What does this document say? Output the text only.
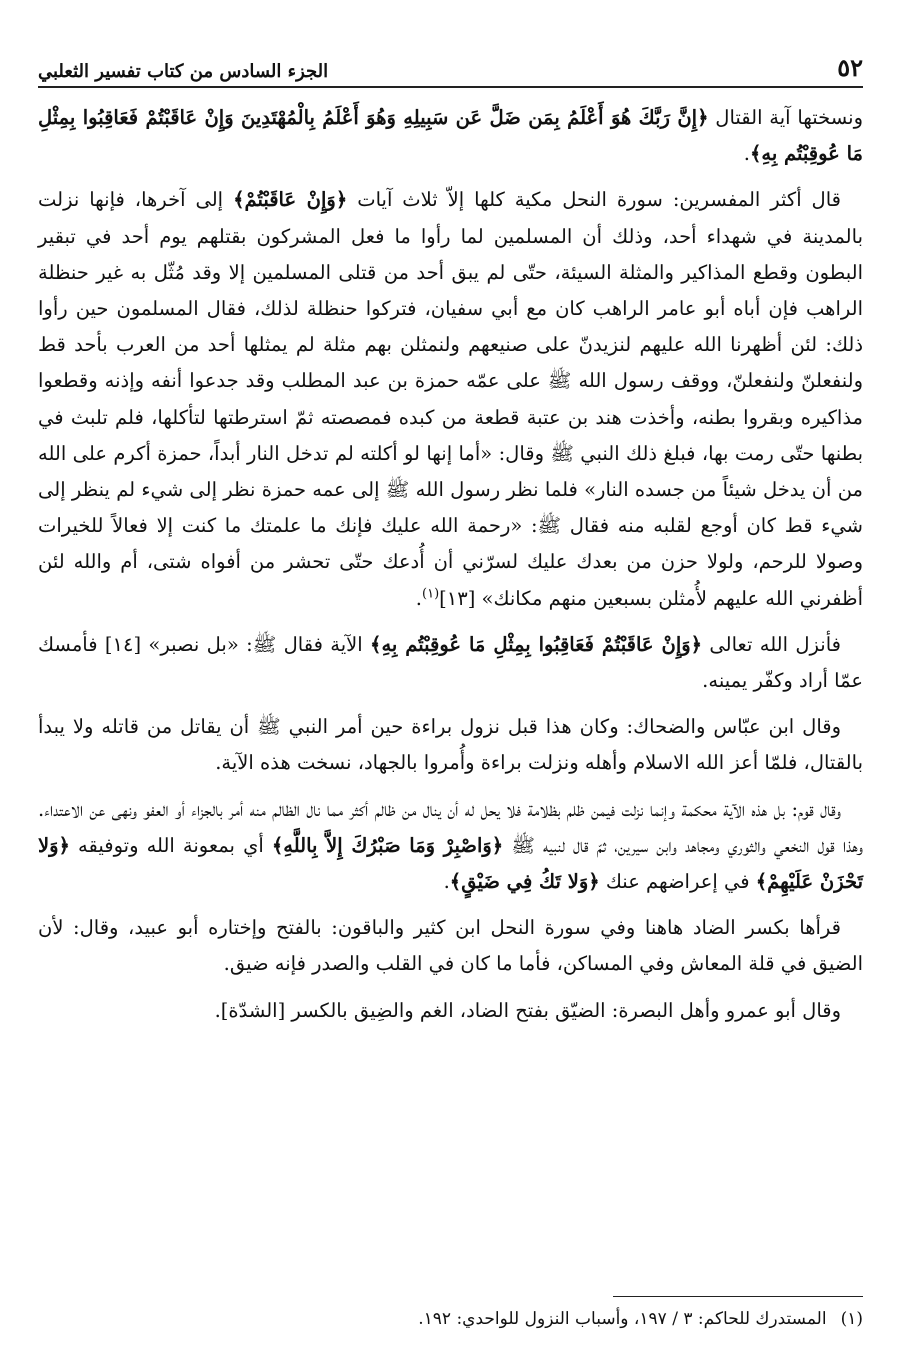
٥٢
الجزء السادس من كتاب تفسير الثعلبي

ونسختها آية القتال ﴿إِنَّ رَبَّكَ هُوَ أَعْلَمُ بِمَن ضَلَّ عَن سَبِيلِهِ وَهُوَ أَعْلَمُ بِالْمُهْتَدِينَ وَإِنْ عَاقَبْتُمْ فَعَاقِبُوا بِمِثْلِ مَا عُوقِبْتُم بِهِ﴾.

قال أكثر المفسرين: سورة النحل مكية كلها إلاّ ثلاث آيات ﴿وَإِنْ عَاقَبْتُمْ﴾ إلى آخرها، فإنها نزلت بالمدينة في شهداء أحد، وذلك أن المسلمين لما رأوا ما فعل المشركون بقتلهم يوم أحد في تبقير البطون وقطع المذاكير والمثلة السيئة، حتّى لم يبق أحد من قتلى المسلمين إلا وقد مُثّل به غير حنظلة الراهب فإن أباه أبو عامر الراهب كان مع أبي سفيان، فتركوا حنظلة لذلك، فقال المسلمون حين رأوا ذلك: لئن أظهرنا الله عليهم لنزيدنّ على صنيعهم ولنمثلن بهم مثلة لم يمثلها أحد من العرب بأحد قط ولنفعلنّ ولنفعلنّ، ووقف رسول الله ﷺ على عمّه حمزة بن عبد المطلب وقد جدعوا أنفه وإذنه وقطعوا مذاكيره وبقروا بطنه، وأخذت هند بن عتبة قطعة من كبده فمصصته ثمّ استرطتها لتأكلها، فلم تلبث في بطنها حتّى رمت بها، فبلغ ذلك النبي ﷺ وقال: «أما إنها لو أكلته لم تدخل النار أبداً، حمزة أكرم على الله من أن يدخل شيئاً من جسده النار» فلما نظر رسول الله ﷺ إلى عمه حمزة نظر إلى شيء لم ينظر إلى شيء قط كان أوجع لقلبه منه فقال ﷺ: «رحمة الله عليك فإنك ما علمتك ما كنت إلا فعالاً للخيرات وصولا للرحم، ولولا حزن من بعدك عليك لسرّني أن أُدعك حتّى تحشر من أفواه شتى، أم والله لئن أظفرني الله عليهم لأُمثلن بسبعين منهم مكانك» [١٣]$^{(١)}$.

فأنزل الله تعالى ﴿وَإِنْ عَاقَبْتُمْ فَعَاقِبُوا بِمِثْلِ مَا عُوقِبْتُم بِهِ﴾ الآية فقال ﷺ: «بل نصبر» [١٤] فأمسك عمّا أراد وكفّر يمينه.

وقال ابن عبّاس والضحاك: وكان هذا قبل نزول براءة حين أمر النبي ﷺ أن يقاتل من قاتله ولا يبدأ بالقتال، فلمّا أعز الله الاسلام وأهله ونزلت براءة وأُمروا بالجهاد، نسخت هذه الآية.

وقال قوم: بل هذه الآية محكمة وإنما نزلت فيمن ظلم بظلامة فلا يحل له أن ينال من ظالم أكثر مما نال الظالم منه أمر بالجزاء أو العفو ونهى عن الاعتداء. وهذا قول النخعي والثوري ومجاهد وابن سيرين، ثمّ قال لنبيه ﷺ ﴿وَاصْبِرْ وَمَا صَبْرُكَ إِلاَّ بِاللَّهِ﴾ أي بمعونة الله وتوفيقه ﴿وَلا تَحْزَنْ عَلَيْهِمْ﴾ في إعراضهم عنك ﴿وَلا تَكُ فِي ضَيْقٍ﴾.

قرأها بكسر الضاد هاهنا وفي سورة النحل ابن كثير والباقون: بالفتح وإختاره أبو عبيد، وقال: لأن الضيق في قلة المعاش وفي المساكن، فأما ما كان في القلب والصدر فإنه ضيق.

وقال أبو عمرو وأهل البصرة: الضيّق بفتح الضاد، الغم والضِيق بالكسر [الشدّة].

(١)المستدرك للحاكم: ٣ / ١٩٧، وأسباب النزول للواحدي: ١٩٢.
